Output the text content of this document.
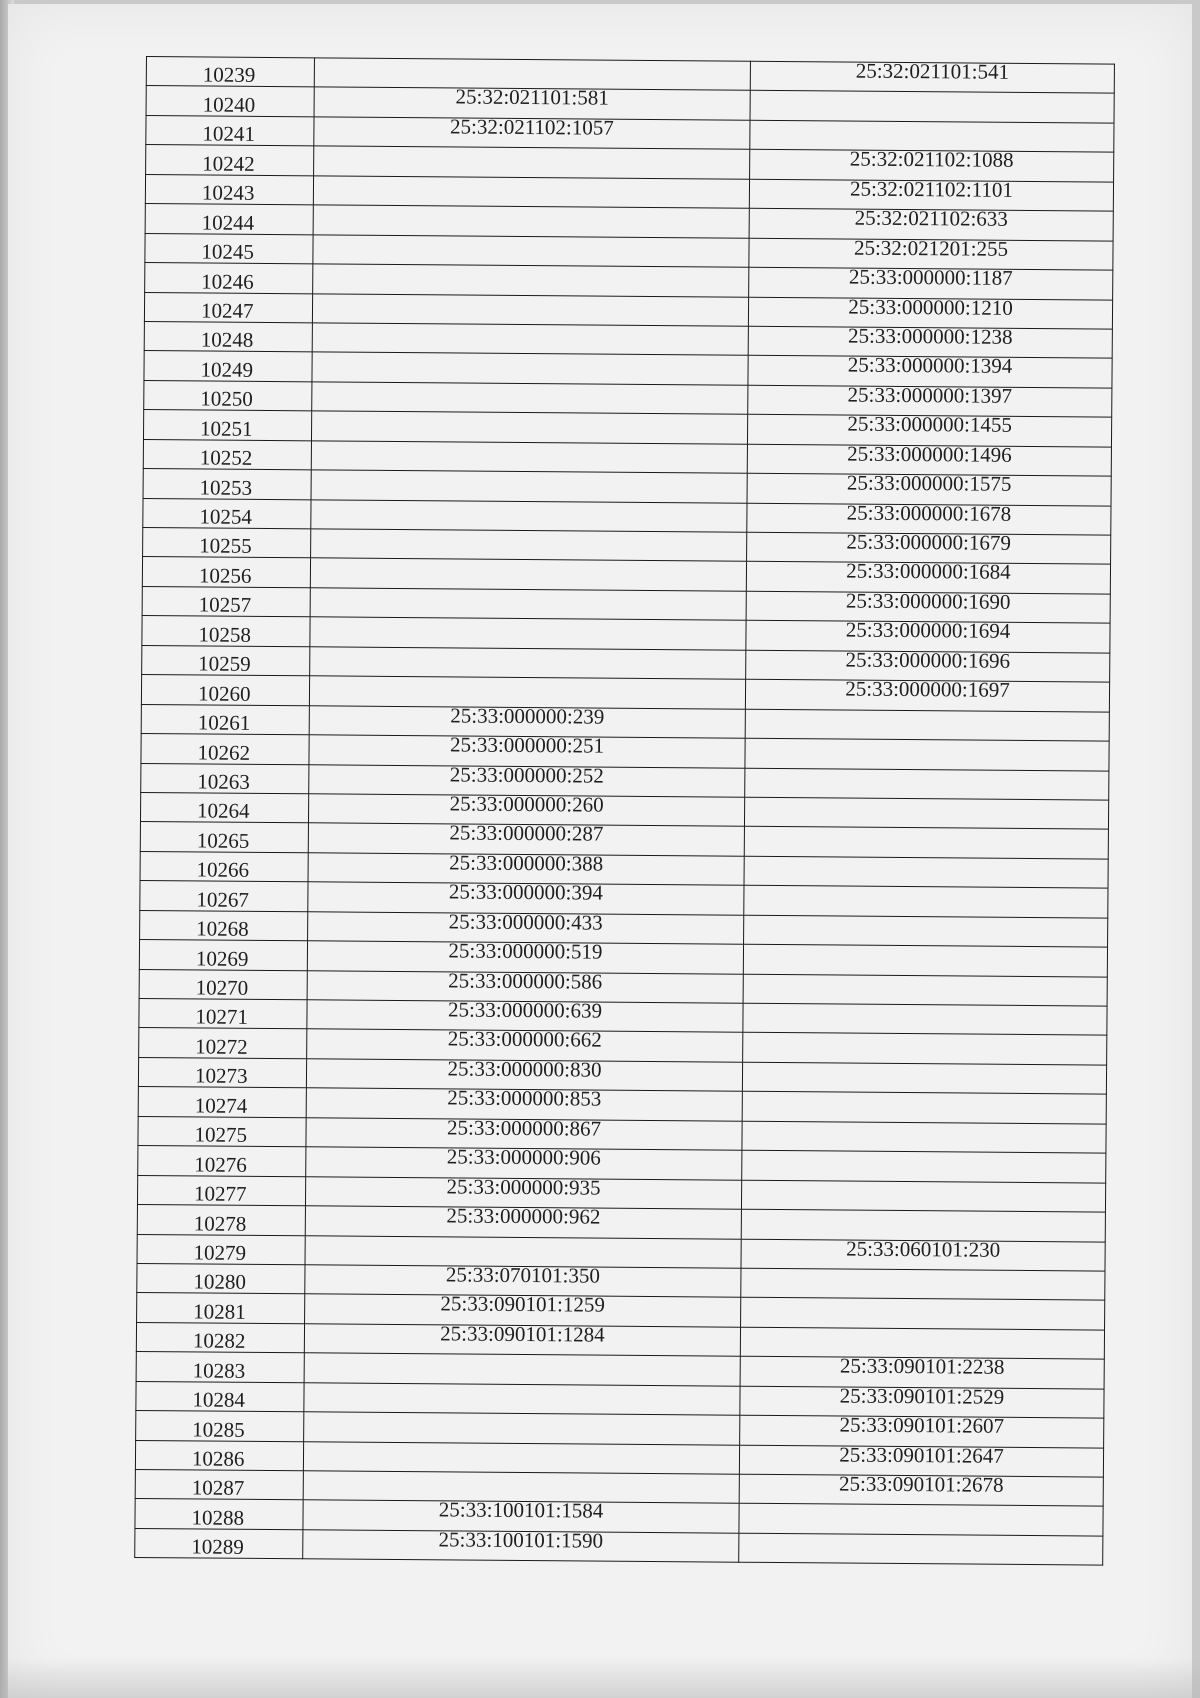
10239		25:32:021101:541
10240	25:32:021101:581	
10241	25:32:021102:1057	
10242		25:32:021102:1088
10243		25:32:021102:1101
10244		25:32:021102:633
10245		25:32:021201:255
10246		25:33:000000:1187
10247		25:33:000000:1210
10248		25:33:000000:1238
10249		25:33:000000:1394
10250		25:33:000000:1397
10251		25:33:000000:1455
10252		25:33:000000:1496
10253		25:33:000000:1575
10254		25:33:000000:1678
10255		25:33:000000:1679
10256		25:33:000000:1684
10257		25:33:000000:1690
10258		25:33:000000:1694
10259		25:33:000000:1696
10260		25:33:000000:1697
10261	25:33:000000:239	
10262	25:33:000000:251	
10263	25:33:000000:252	
10264	25:33:000000:260	
10265	25:33:000000:287	
10266	25:33:000000:388	
10267	25:33:000000:394	
10268	25:33:000000:433	
10269	25:33:000000:519	
10270	25:33:000000:586	
10271	25:33:000000:639	
10272	25:33:000000:662	
10273	25:33:000000:830	
10274	25:33:000000:853	
10275	25:33:000000:867	
10276	25:33:000000:906	
10277	25:33:000000:935	
10278	25:33:000000:962	
10279		25:33:060101:230
10280	25:33:070101:350	
10281	25:33:090101:1259	
10282	25:33:090101:1284	
10283		25:33:090101:2238
10284		25:33:090101:2529
10285		25:33:090101:2607
10286		25:33:090101:2647
10287		25:33:090101:2678
10288	25:33:100101:1584	
10289	25:33:100101:1590	
